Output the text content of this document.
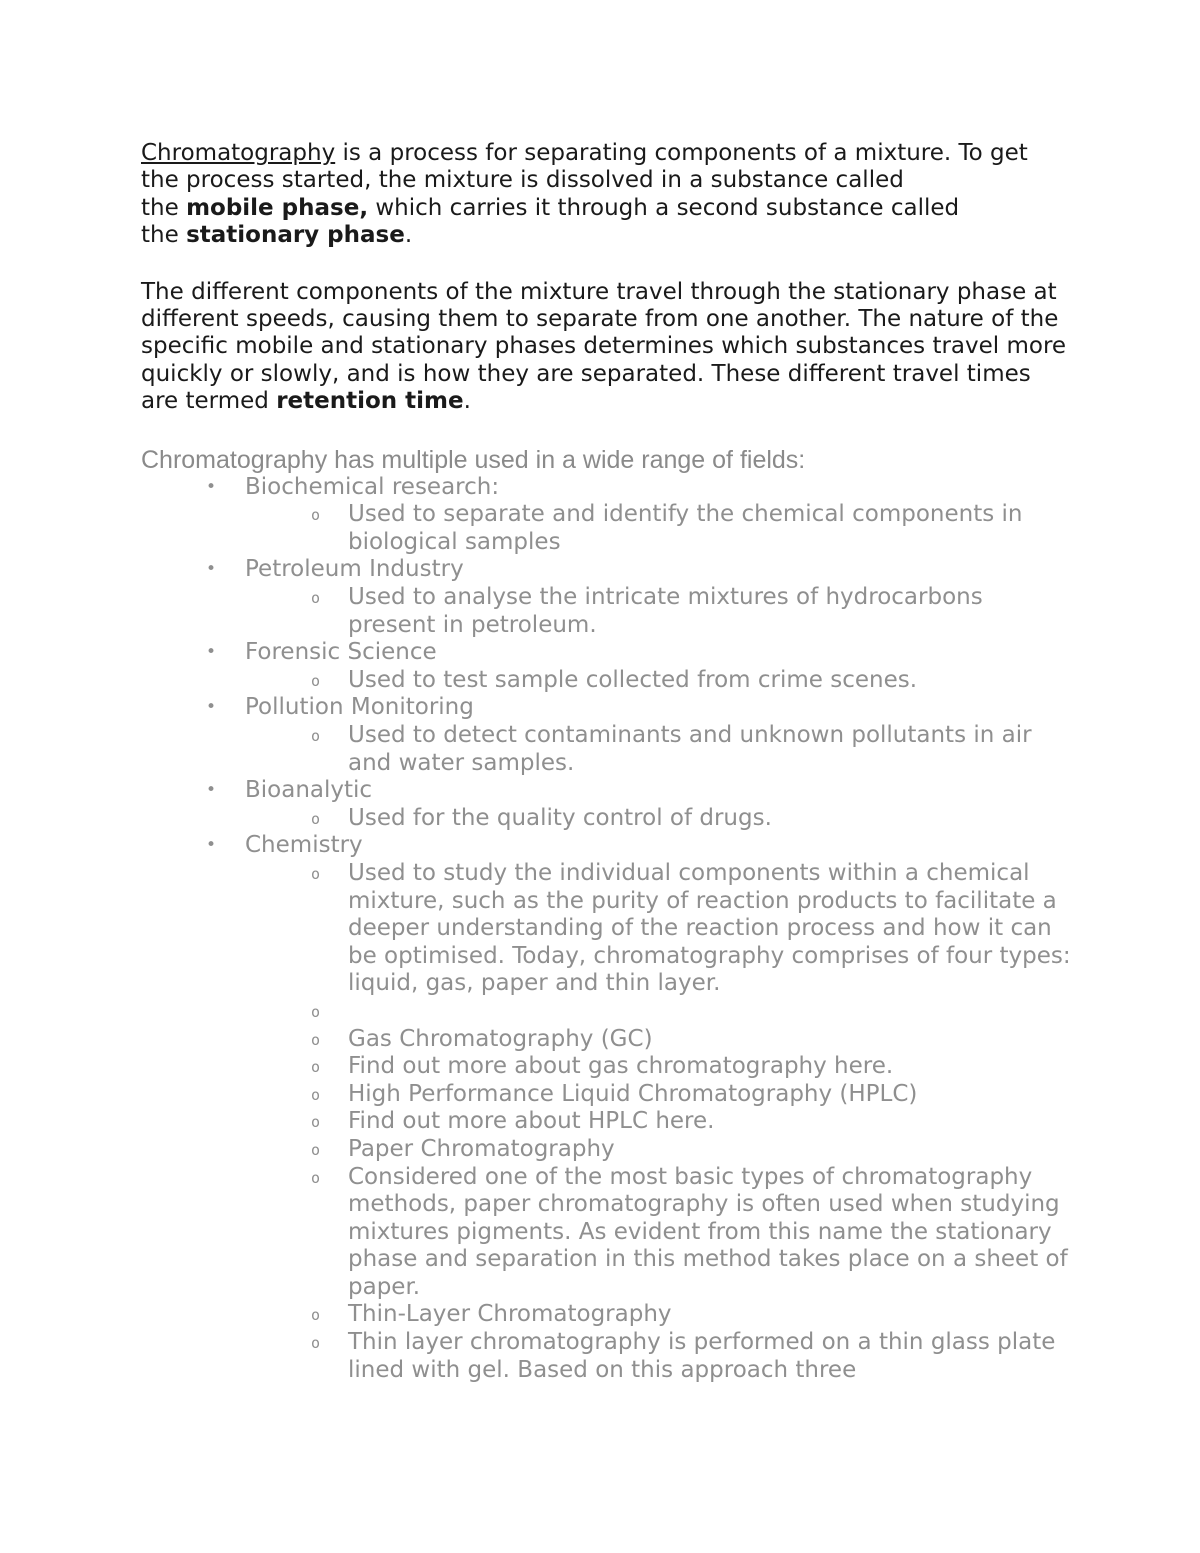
Chromatography is a process for separating components of a mixture. To get the process started, the mixture is dissolved in a substance called
the mobile phase, which carries it through a second substance called
the stationary phase.

The different components of the mixture travel through the stationary phase at different speeds, causing them to separate from one another. The nature of the specific mobile and stationary phases determines which substances travel more quickly or slowly, and is how they are separated. These different travel times are termed retention time.

Chromatography has multiple used in a wide range of fields:
•	Biochemical research:
o Used to separate and identify the chemical components in biological samples
•	Petroleum Industry
o Used to analyse the intricate mixtures of hydrocarbons present in petroleum.
•	Forensic Science
o Used to test sample collected from crime scenes.
•	Pollution Monitoring
o Used to detect contaminants and unknown pollutants in air and water samples.
•	Bioanalytic
o Used for the quality control of drugs.
•	Chemistry
o Used to study the individual components within a chemical mixture, such as the purity of reaction products to facilitate a deeper understanding of the reaction process and how it can be optimised. Today, chromatography comprises of four types: liquid, gas, paper and thin layer.
o
o Gas Chromatography (GC)
o Find out more about gas chromatography here.
o High Performance Liquid Chromatography (HPLC)
o Find out more about HPLC here.
o Paper Chromatography
o Considered one of the most basic types of chromatography methods, paper chromatography is often used when studying mixtures pigments. As evident from this name the stationary phase and separation in this method takes place on a sheet of paper.
o Thin-Layer Chromatography
o Thin layer chromatography is performed on a thin glass plate lined with gel. Based on this approach three
